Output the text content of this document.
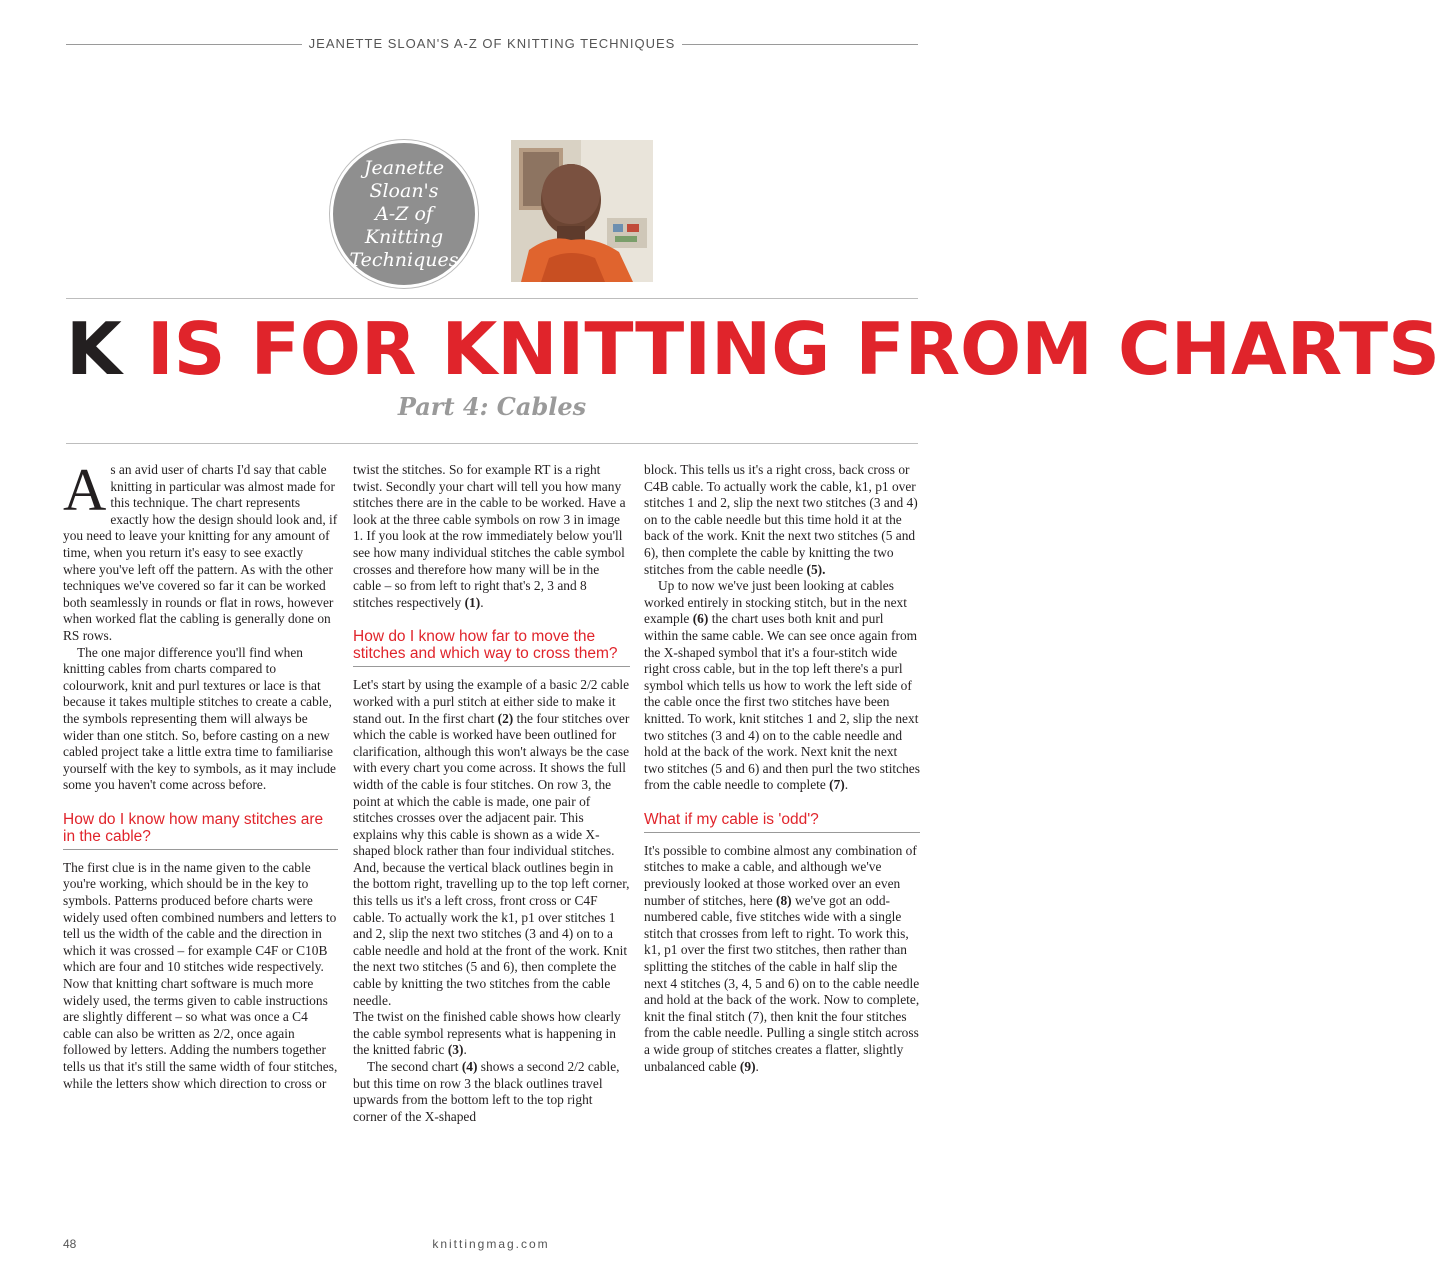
JEANETTE SLOAN'S A-Z OF KNITTING TECHNIQUES
Jeanette
Sloan's
A-Z of Knitting
Techniques
K IS FOR KNITTING FROM CHARTS
Part 4: Cables

As an avid user of charts I'd say that cable knitting in particular was almost made for this technique. The chart represents exactly how the design should look and, if you need to leave your knitting for any amount of time, when you return it's easy to see exactly where you've left off the pattern. As with the other techniques we've covered so far it can be worked both seamlessly in rounds or flat in rows, however when worked flat the cabling is generally done on RS rows.

The one major difference you'll find when knitting cables from charts compared to colourwork, knit and purl textures or lace is that because it takes multiple stitches to create a cable, the symbols representing them will always be wider than one stitch. So, before casting on a new cabled project take a little extra time to familiarise yourself with the key to symbols, as it may include some you haven't come across before.

How do I know how many stitches are in the cable?

The first clue is in the name given to the cable you're working, which should be in the key to symbols. Patterns produced before charts were widely used often combined numbers and letters to tell us the width of the cable and the direction in which it was crossed – for example C4F or C10B which are four and 10 stitches wide respectively. Now that knitting chart software is much more widely used, the terms given to cable instructions are slightly different – so what was once a C4 cable can also be written as 2/2, once again followed by letters. Adding the numbers together tells us that it's still the same width of four stitches, while the letters show which direction to cross or

twist the stitches. So for example RT is a right twist. Secondly your chart will tell you how many stitches there are in the cable to be worked. Have a look at the three cable symbols on row 3 in image 1. If you look at the row immediately below you'll see how many individual stitches the cable symbol crosses and therefore how many will be in the cable – so from left to right that's 2, 3 and 8 stitches respectively (1).

How do I know how far to move the stitches and which way to cross them?

Let's start by using the example of a basic 2/2 cable worked with a purl stitch at either side to make it stand out. In the first chart (2) the four stitches over which the cable is worked have been outlined for clarification, although this won't always be the case with every chart you come across. It shows the full width of the cable is four stitches. On row 3, the point at which the cable is made, one pair of stitches crosses over the adjacent pair. This explains why this cable is shown as a wide X-shaped block rather than four individual stitches. And, because the vertical black outlines begin in the bottom right, travelling up to the top left corner, this tells us it's a left cross, front cross or C4F cable. To actually work the k1, p1 over stitches 1 and 2, slip the next two stitches (3 and 4) on to a cable needle and hold at the front of the work. Knit the next two stitches (5 and 6), then complete the cable by knitting the two stitches from the cable needle.

The twist on the finished cable shows how clearly the cable symbol represents what is happening in the knitted fabric (3).

The second chart (4) shows a second 2/2 cable, but this time on row 3 the black outlines travel upwards from the bottom left to the top right corner of the X-shaped

block. This tells us it's a right cross, back cross or C4B cable. To actually work the cable, k1, p1 over stitches 1 and 2, slip the next two stitches (3 and 4) on to the cable needle but this time hold it at the back of the work. Knit the next two stitches (5 and 6), then complete the cable by knitting the two stitches from the cable needle (5).

Up to now we've just been looking at cables worked entirely in stocking stitch, but in the next example (6) the chart uses both knit and purl within the same cable. We can see once again from the X-shaped symbol that it's a four-stitch wide right cross cable, but in the top left there's a purl symbol which tells us how to work the left side of the cable once the first two stitches have been knitted. To work, knit stitches 1 and 2, slip the next two stitches (3 and 4) on to the cable needle and hold at the back of the work. Next knit the next two stitches (5 and 6) and then purl the two stitches from the cable needle to complete (7).

What if my cable is 'odd'?

It's possible to combine almost any combination of stitches to make a cable, and although we've previously looked at those worked over an even number of stitches, here (8) we've got an odd-numbered cable, five stitches wide with a single stitch that crosses from left to right. To work this, k1, p1 over the first two stitches, then rather than splitting the stitches of the cable in half slip the next 4 stitches (3, 4, 5 and 6) on to the cable needle and hold at the back of the work. Now to complete, knit the final stitch (7), then knit the four stitches from the cable needle. Pulling a single stitch across a wide group of stitches creates a flatter, slightly unbalanced cable (9).

48	knittingmag.com
